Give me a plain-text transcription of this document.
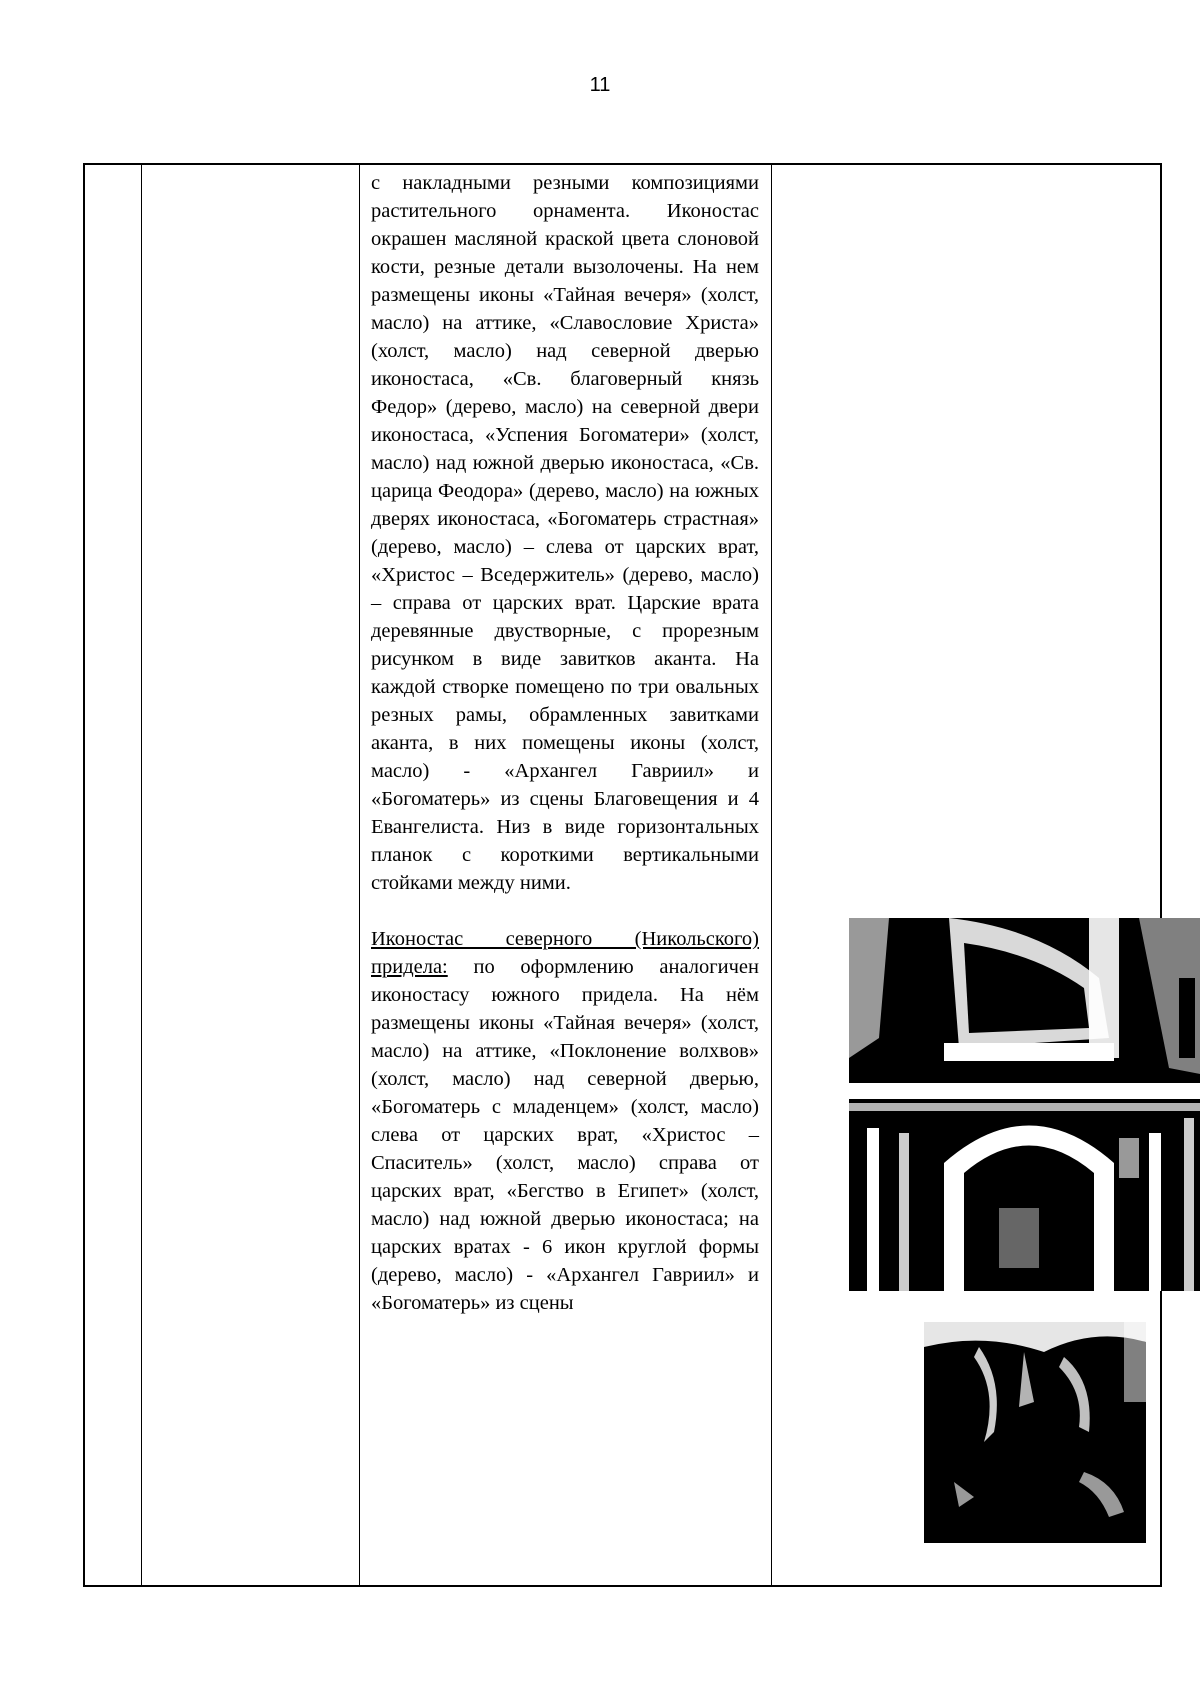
11

с накладными резными композициями растительного орнамента. Иконостас окрашен масляной краской цвета слоновой кости, резные детали вызолочены. На нем размещены иконы «Тайная вечеря» (холст, масло) на аттике, «Славословие Христа» (холст, масло) над северной дверью иконостаса, «Св. благоверный князь Федор» (дерево, масло) на северной двери иконостаса, «Успения Богоматери» (холст, масло) над южной дверью иконостаса, «Св. царица Феодора» (дерево, масло) на южных дверях иконостаса, «Богоматерь страстная» (дерево, масло) – слева от царских врат, «Христос – Вседержитель» (дерево, масло) – справа от царских врат. Царские врата деревянные двустворные, с прорезным рисунком в виде завитков аканта. На каждой створке помещено по три овальных резных рамы, обрамленных завитками аканта, в них помещены иконы (холст, масло) - «Архангел Гавриил» и «Богоматерь» из сцены Благовещения и 4 Евангелиста. Низ в виде горизонтальных планок с короткими вертикальными стойками между ними.

Иконостас северного (Никольского) придела: по оформлению аналогичен иконостасу южного придела. На нём размещены иконы «Тайная вечеря» (холст, масло) на аттике, «Поклонение волхвов» (холст, масло) над северной дверью, «Богоматерь с младенцем» (холст, масло) слева от царских врат, «Христос – Спаситель» (холст, масло) справа от царских врат, «Бегство в Египет» (холст, масло) над южной дверью иконостаса; на царских вратах - 6 икон круглой формы (дерево, масло) - «Архангел Гавриил» и «Богоматерь» из сцены
